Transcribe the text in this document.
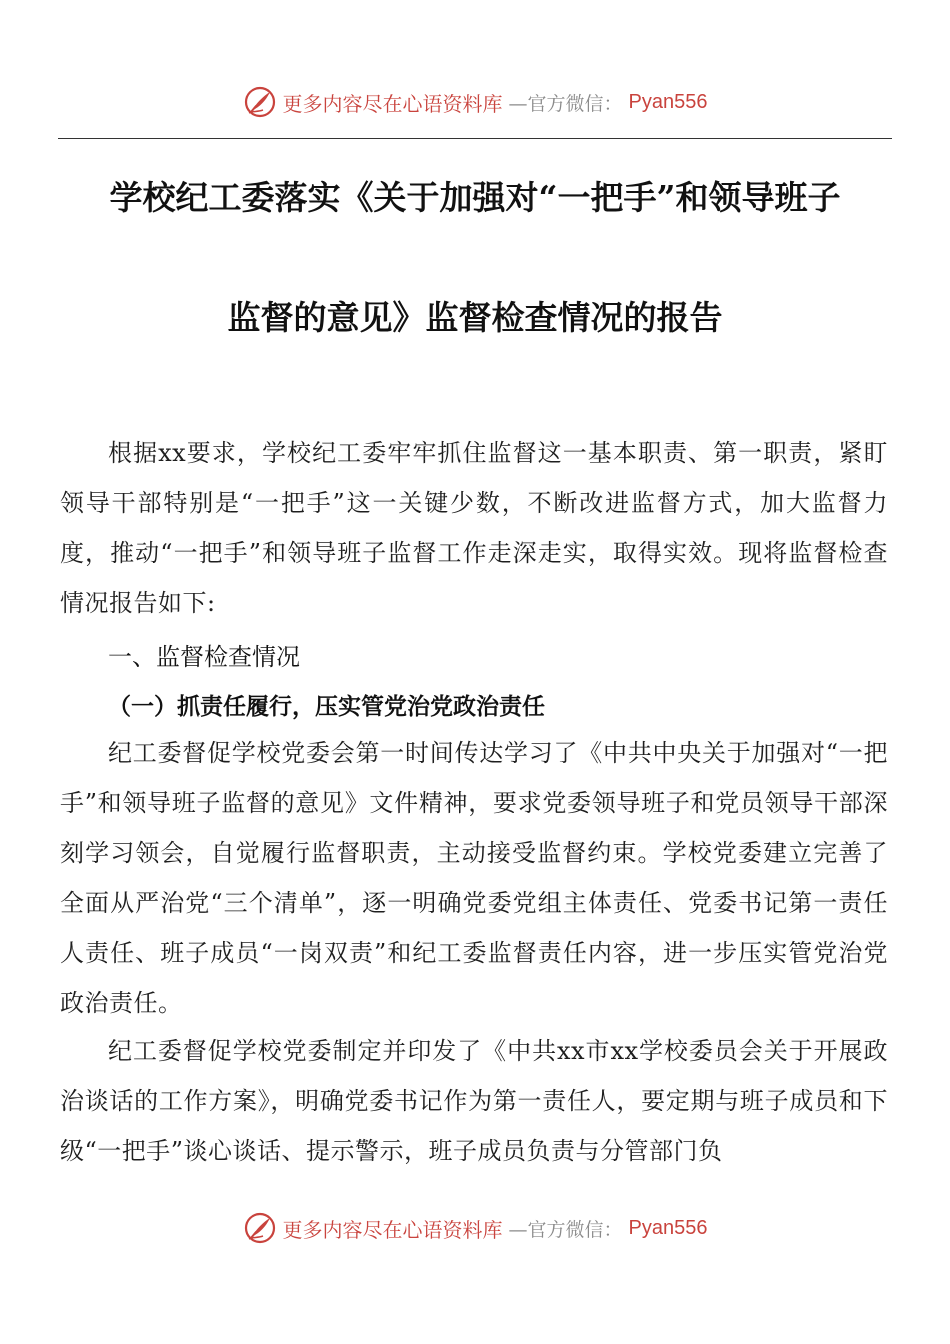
更多内容尽在心语资料库 —官方微信： Pyan556
学校纪工委落实《关于加强对“一把手”和领导班子
监督的意见》监督检查情况的报告
根据xx要求，学校纪工委牢牢抓住监督这一基本职责、第一职责，紧盯领导干部特别是“一把手”这一关键少数，不断改进监督方式，加大监督力度，推动“一把手”和领导班子监督工作走深走实，取得实效。现将监督检查情况报告如下:
一、监督检查情况
（一）抓责任履行，压实管党治党政治责任
纪工委督促学校党委会第一时间传达学习了《中共中央关于加强对“一把手”和领导班子监督的意见》文件精神，要求党委领导班子和党员领导干部深刻学习领会，自觉履行监督职责，主动接受监督约束。学校党委建立完善了全面从严治党“三个清单”，逐一明确党委党组主体责任、党委书记第一责任人责任、班子成员“一岗双责”和纪工委监督责任内容，进一步压实管党治党政治责任。
纪工委督促学校党委制定并印发了《中共xx市xx学校委员会关于开展政治谈话的工作方案》，明确党委书记作为第一责任人，要定期与班子成员和下级“一把手”谈心谈话、提示警示，班子成员负责与分管部门负
更多内容尽在心语资料库 —官方微信： Pyan556
